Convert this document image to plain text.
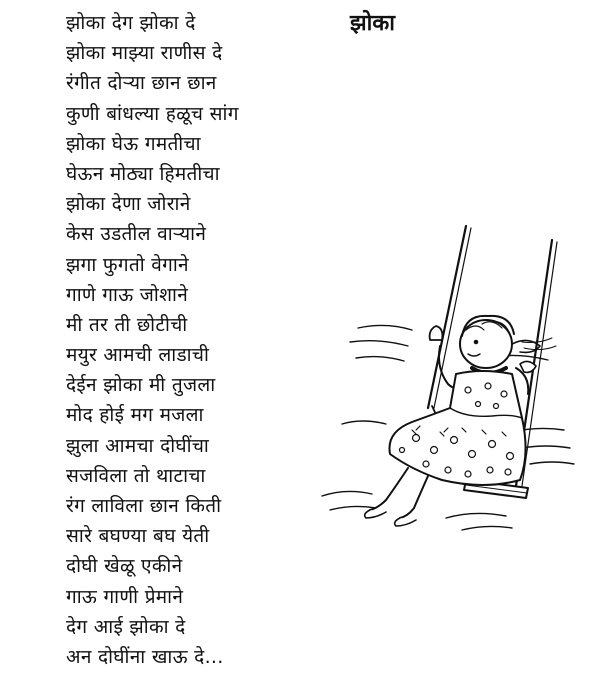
झोका
झोका देग झोका दे
झोका माझ्या राणीस दे
रंगीत दोर्‍या छान छान
कुणी बांधल्या हळूच सांग
झोका घेऊ गमतीचा
घेऊन मोठ्या हिमतीचा
झोका देणा जोराने
केस उडतील वार्‍याने
झगा फुगतो वेगाने
गाणे गाऊ जोशाने
मी तर ती छोटीची
मयुर आमची लाडाची
देईन झोका मी तुजला
मोद होई मग मजला
झुला आमचा दोघींचा
सजविला तो थाटाचा
रंग लाविला छान किती
सारे बघण्या बघ येती
दोघी खेळू एकीने
गाऊ गाणी प्रेमाने
देग आई झोका दे
अन दोघींना खाऊ दे...
